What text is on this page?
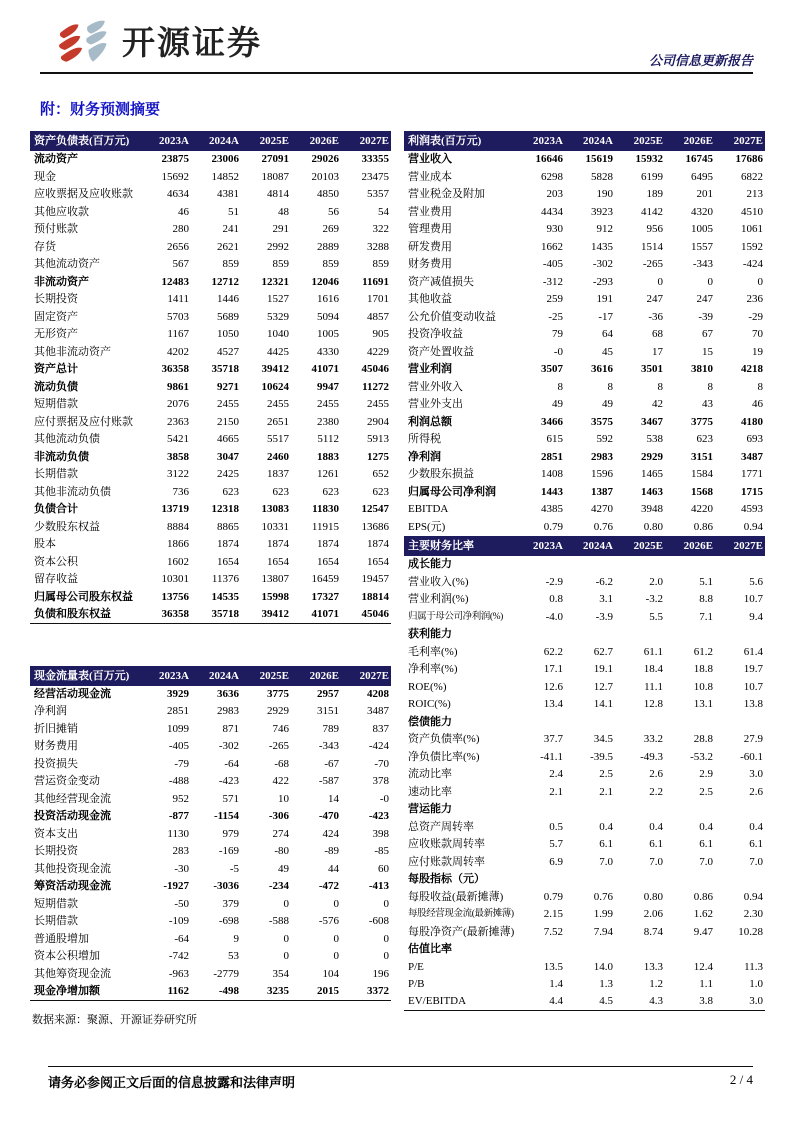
开源证券	公司信息更新报告
附：财务预测摘要
资产负债表(百万元)	2023A	2024A	2025E	2026E	2027E
流动资产	23875	23006	27091	29026	33355
现金	15692	14852	18087	20103	23475
应收票据及应收账款	4634	4381	4814	4850	5357
其他应收款	46	51	48	56	54
预付账款	280	241	291	269	322
存货	2656	2621	2992	2889	3288
其他流动资产	567	859	859	859	859
非流动资产	12483	12712	12321	12046	11691
长期投资	1411	1446	1527	1616	1701
固定资产	5703	5689	5329	5094	4857
无形资产	1167	1050	1040	1005	905
其他非流动资产	4202	4527	4425	4330	4229
资产总计	36358	35718	39412	41071	45046
流动负债	9861	9271	10624	9947	11272
短期借款	2076	2455	2455	2455	2455
应付票据及应付账款	2363	2150	2651	2380	2904
其他流动负债	5421	4665	5517	5112	5913
非流动负债	3858	3047	2460	1883	1275
长期借款	3122	2425	1837	1261	652
其他非流动负债	736	623	623	623	623
负债合计	13719	12318	13083	11830	12547
少数股东权益	8884	8865	10331	11915	13686
股本	1866	1874	1874	1874	1874
资本公积	1602	1654	1654	1654	1654
留存收益	10301	11376	13807	16459	19457
归属母公司股东权益	13756	14535	15998	17327	18814
负债和股东权益	36358	35718	39412	41071	45046
现金流量表(百万元)	2023A	2024A	2025E	2026E	2027E
经营活动现金流	3929	3636	3775	2957	4208
净利润	2851	2983	2929	3151	3487
折旧摊销	1099	871	746	789	837
财务费用	-405	-302	-265	-343	-424
投资损失	-79	-64	-68	-67	-70
营运资金变动	-488	-423	422	-587	378
其他经营现金流	952	571	10	14	-0
投资活动现金流	-877	-1154	-306	-470	-423
资本支出	1130	979	274	424	398
长期投资	283	-169	-80	-89	-85
其他投资现金流	-30	-5	49	44	60
筹资活动现金流	-1927	-3036	-234	-472	-413
短期借款	-50	379	0	0	0
长期借款	-109	-698	-588	-576	-608
普通股增加	-64	9	0	0	0
资本公积增加	-742	53	0	0	0
其他筹资现金流	-963	-2779	354	104	196
现金净增加额	1162	-498	3235	2015	3372
数据来源：聚源、开源证券研究所
利润表(百万元)	2023A	2024A	2025E	2026E	2027E
营业收入	16646	15619	15932	16745	17686
营业成本	6298	5828	6199	6495	6822
营业税金及附加	203	190	189	201	213
营业费用	4434	3923	4142	4320	4510
管理费用	930	912	956	1005	1061
研发费用	1662	1435	1514	1557	1592
财务费用	-405	-302	-265	-343	-424
资产减值损失	-312	-293	0	0	0
其他收益	259	191	247	247	236
公允价值变动收益	-25	-17	-36	-39	-29
投资净收益	79	64	68	67	70
资产处置收益	-0	45	17	15	19
营业利润	3507	3616	3501	3810	4218
营业外收入	8	8	8	8	8
营业外支出	49	49	42	43	46
利润总额	3466	3575	3467	3775	4180
所得税	615	592	538	623	693
净利润	2851	2983	2929	3151	3487
少数股东损益	1408	1596	1465	1584	1771
归属母公司净利润	1443	1387	1463	1568	1715
EBITDA	4385	4270	3948	4220	4593
EPS(元)	0.79	0.76	0.80	0.86	0.94
主要财务比率	2023A	2024A	2025E	2026E	2027E
成长能力
营业收入(%)	-2.9	-6.2	2.0	5.1	5.6
营业利润(%)	0.8	3.1	-3.2	8.8	10.7
归属于母公司净利润(%)	-4.0	-3.9	5.5	7.1	9.4
获利能力
毛利率(%)	62.2	62.7	61.1	61.2	61.4
净利率(%)	17.1	19.1	18.4	18.8	19.7
ROE(%)	12.6	12.7	11.1	10.8	10.7
ROIC(%)	13.4	14.1	12.8	13.1	13.8
偿债能力
资产负债率(%)	37.7	34.5	33.2	28.8	27.9
净负债比率(%)	-41.1	-39.5	-49.3	-53.2	-60.1
流动比率	2.4	2.5	2.6	2.9	3.0
速动比率	2.1	2.1	2.2	2.5	2.6
营运能力
总资产周转率	0.5	0.4	0.4	0.4	0.4
应收账款周转率	5.7	6.1	6.1	6.1	6.1
应付账款周转率	6.9	7.0	7.0	7.0	7.0
每股指标（元）
每股收益(最新摊薄)	0.79	0.76	0.80	0.86	0.94
每股经营现金流(最新摊薄)	2.15	1.99	2.06	1.62	2.30
每股净资产(最新摊薄)	7.52	7.94	8.74	9.47	10.28
估值比率
P/E	13.5	14.0	13.3	12.4	11.3
P/B	1.4	1.3	1.2	1.1	1.0
EV/EBITDA	4.4	4.5	4.3	3.8	3.0
请务必参阅正文后面的信息披露和法律声明	2 / 4
